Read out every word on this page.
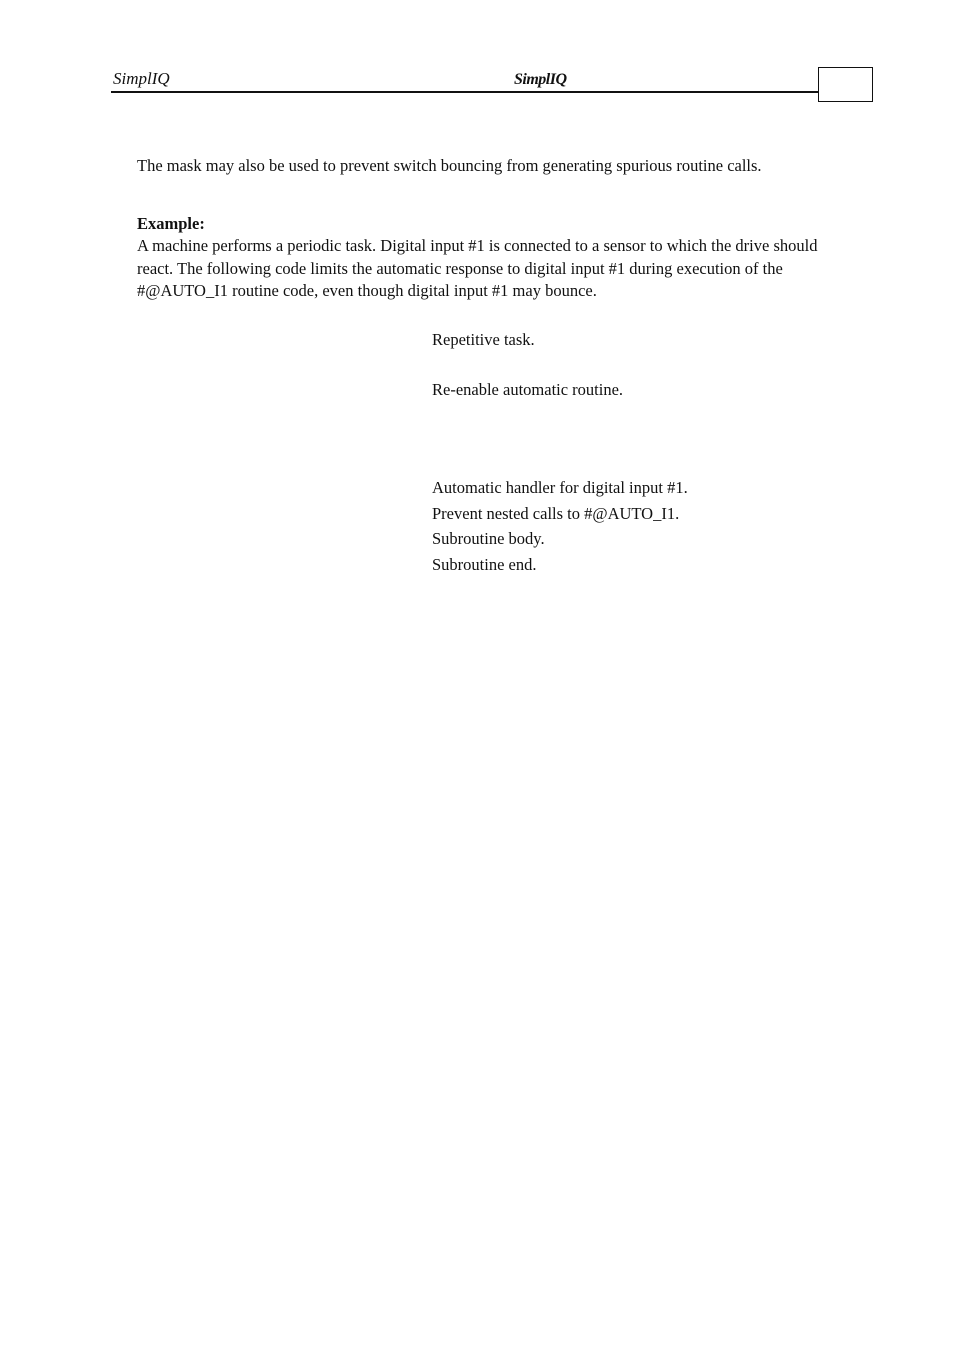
SimplIQ	SimplIQ
The mask may also be used to prevent switch bouncing from generating spurious routine calls.
Example:
A machine performs a periodic task. Digital input #1 is connected to a sensor to which the drive should react. The following code limits the automatic response to digital input #1 during execution of the #@AUTO_I1 routine code, even though digital input #1 may bounce.
Repetitive task.
Re-enable automatic routine.
Automatic handler for digital input #1.
Prevent nested calls to #@AUTO_I1.
Subroutine body.
Subroutine end.
